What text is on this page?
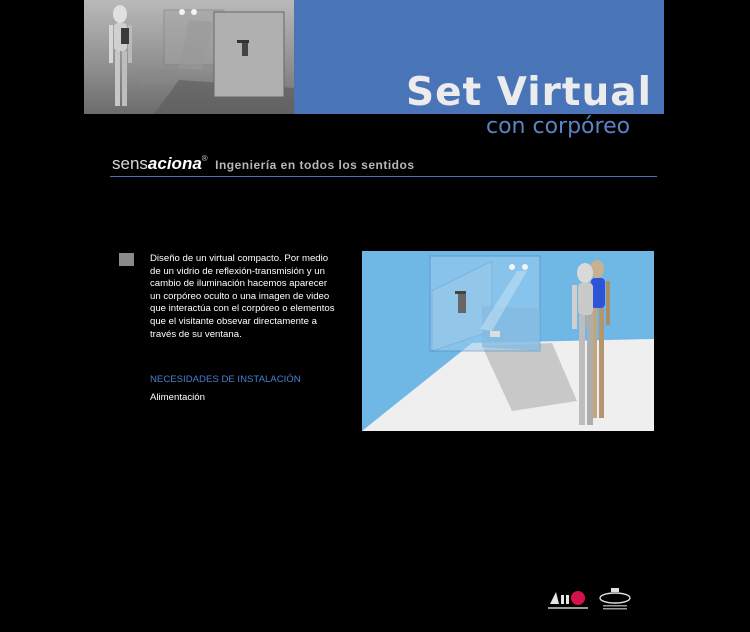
Set Virtual
con corpóreo
sensaciona® Ingeniería en todos los sentidos
Diseño de un virtual compacto. Por medio de un vidrio de reflexión-transmisión y un cambio de iluminación hacemos aparecer un corpóreo oculto o una imagen de video que interactúa con el corpóreo o elementos que el visitante obsevar directamente a través de su ventana.
NECESIDADES DE INSTALACIÓN
Alimentación
